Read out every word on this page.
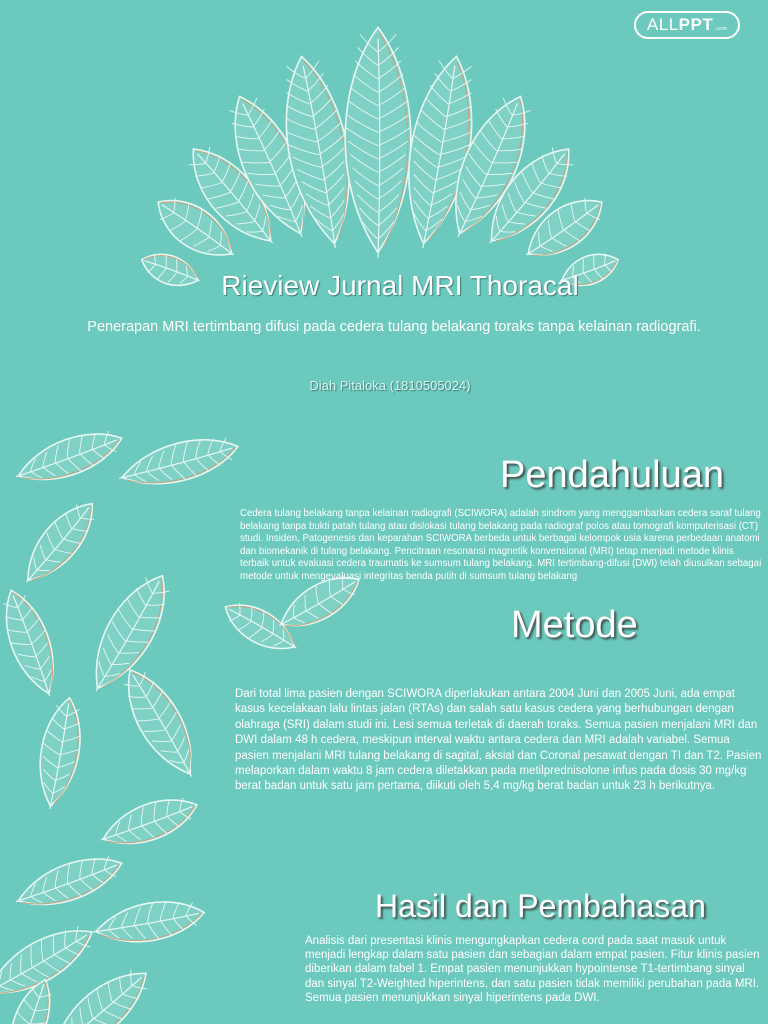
ALL PPT .com
Rieview Jurnal MRI Thoracal
Penerapan MRI tertimbang difusi pada cedera tulang belakang toraks tanpa kelainan radiografi.
Diah Pitaloka (1810505024)
Pendahuluan
Cedera tulang belakang tanpa kelainan radiografi (SCIWORA) adalah sindrom yang menggambarkan cedera saraf tulang belakang tanpa bukti patah tulang atau dislokasi tulang belakang pada radiograf polos atau tomografi komputerisasi (CT) studi. Insiden, Patogenesis dan keparahan SCIWORA berbeda untuk berbagai kelompok usia karena perbedaan anatomi dan biomekanik di tulang belakang. Pencitraan resonansi magnetik konvensional (MRI) tetap menjadi metode klinis terbaik untuk evaluasi cedera traumatis ke sumsum tulang belakang. MRI tertimbang-difusi (DWI) telah diusulkan sebagai metode untuk mengevaluasi integritas benda putih di sumsum tulang belakang
Metode
Dari total lima pasien dengan SCIWORA diperlakukan antara 2004 Juni dan 2005 Juni, ada empat kasus kecelakaan lalu lintas jalan (RTAs) dan salah satu kasus cedera yang berhubungan dengan olahraga (SRI) dalam studi ini. Lesi semua terletak di daerah toraks. Semua pasien menjalani MRI dan DWI dalam 48 h cedera, meskipun interval waktu antara cedera dan MRI adalah variabel. Semua pasien menjalani MRI tulang belakang di sagital, aksial dan Coronal pesawat dengan TI dan T2. Pasien melaporkan dalam waktu 8 jam cedera diletakkan pada metilprednisolone infus pada dosis 30 mg/kg berat badan untuk satu jam pertama, diikuti oleh 5,4 mg/kg berat badan untuk 23 h berikutnya.
Hasil dan Pembahasan
Analisis dari presentasi klinis mengungkapkan cedera cord pada saat masuk untuk menjadi lengkap dalam satu pasien dan sebagian dalam empat pasien. Fitur klinis pasien diberikan dalam tabel 1. Empat pasien menunjukkan hypointense T1-tertimbang sinyal dan sinyal T2-Weighted hiperintens, dan satu pasien tidak memiliki perubahan pada MRI. Semua pasien menunjukkan sinyal hiperintens pada DWI.
